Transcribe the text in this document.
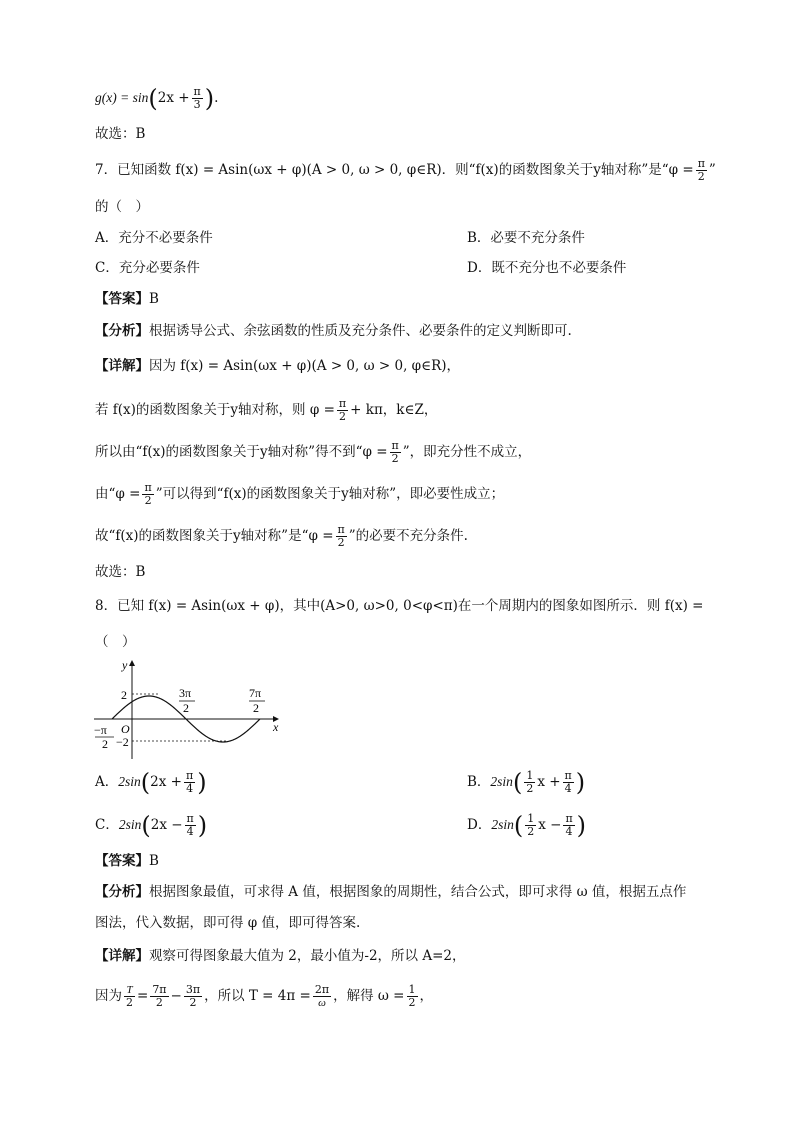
$g(x) = \sin(2x + \frac{\pi}{3}$ ).
故选：B
7．已知函数 f(x) = Asin(ωx + φ)(A > 0, ω > 0, φ∈R)．则“f(x)的函数图象关于y轴对称”是“$\varphi = \frac{\pi}{2}$ ”
的（　）
A．充分不必要条件	B．必要不充分条件
C．充分必要条件	D．既不充分也不必要条件
【答案】B
【分析】根据诱导公式、余弦函数的性质及充分条件、必要条件的定义判断即可.
【详解】因为 f(x) = Asin(ωx + φ)(A > 0, ω > 0, φ∈R)，
若 f(x)的函数图象关于y轴对称，则 $\varphi = \frac{\pi}{2} + k\pi$，k∈Z，
所以由“f(x)的函数图象关于y轴对称”得不到“$\varphi = \frac{\pi}{2}$ ”，即充分性不成立，
由“$\varphi = \frac{\pi}{2}$ ”可以得到“f(x)的函数图象关于y轴对称”，即必要性成立；
故“f(x)的函数图象关于y轴对称”是“$\varphi = \frac{\pi}{2}$ ”的必要不充分条件.
故选：B
8．已知 f(x) = Asin(ωx + φ)，其中(A>0, ω>0, 0<φ<π)在一个周期内的图象如图所示．则 f(x) =
（　）
y
x
O
2
−2
3π
2
7π
2
−π
2
A．$2\sin(2x + \frac{\pi}{4}$ )	B．$2\sin( \frac{1}{2}$ $x + \frac{\pi}{4}$ )
C．$2\sin(2x - \frac{\pi}{4}$ )	D．$2\sin( \frac{1}{2}$ $x - \frac{\pi}{4}$ )
【答案】B
【分析】根据图象最值，可求得 A 值，根据图象的周期性，结合公式，即可求得 ω 值，根据五点作
图法，代入数据，即可得 φ 值，即可得答案.
【详解】观察可得图象最大值为 2，最小值为-2，所以 A=2，
因为 $\frac{T}{2} = \frac{7\pi}{2} - \frac{3\pi}{2}$ ，所以 $T = 4\pi = \frac{2\pi}{\omega}$ ，解得 $\omega = \frac{1}{2}$ ，
